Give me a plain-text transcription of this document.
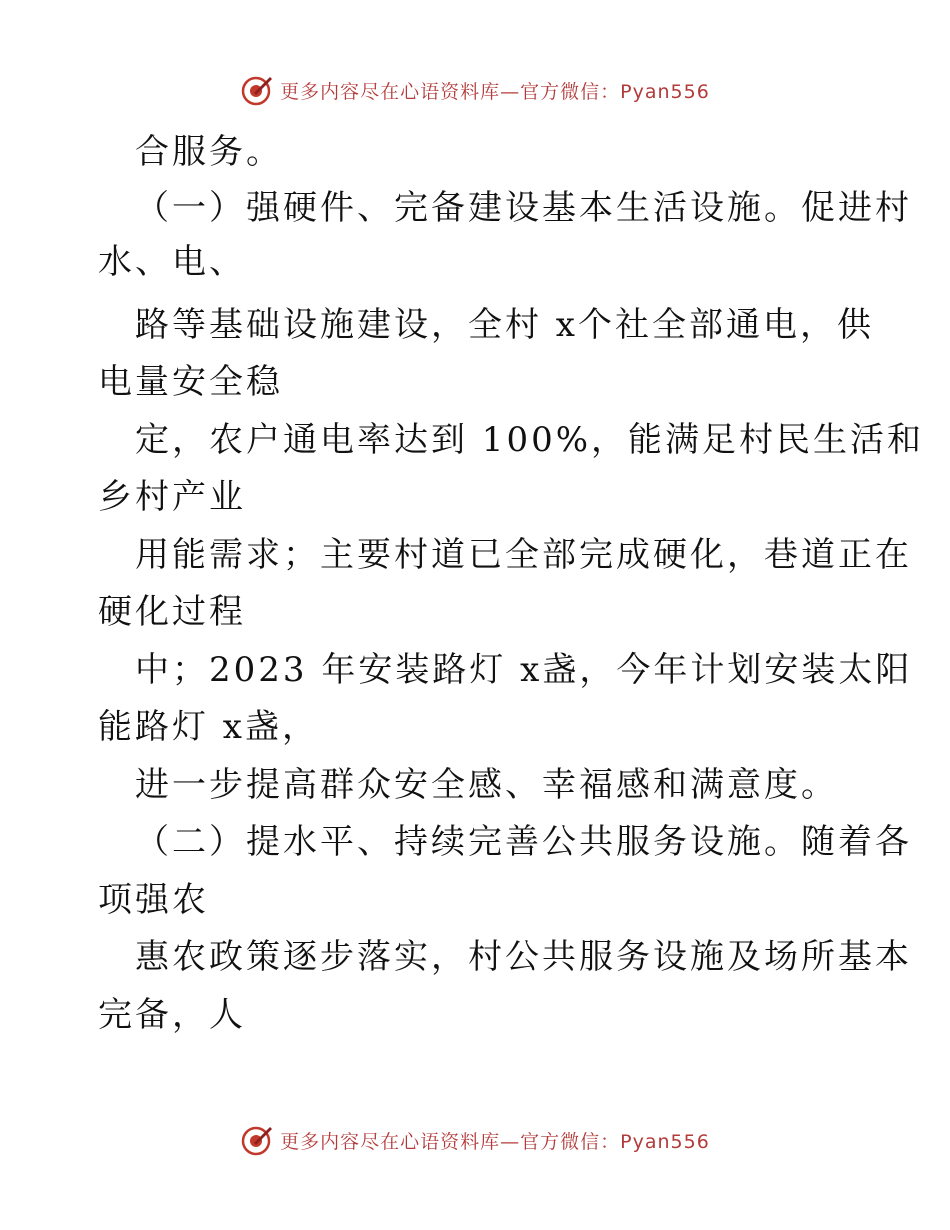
更多内容尽在心语资料库—官方微信：Pyan556
合服务。
（一）强硬件、完备建设基本生活设施。促进村
水、电、
路等基础设施建设，全村 x个社全部通电，供
电量安全稳
定，农户通电率达到 100%，能满足村民生活和
乡村产业
用能需求；主要村道已全部完成硬化，巷道正在
硬化过程
中；2023 年安装路灯 x盏，今年计划安装太阳
能路灯 x盏，
进一步提高群众安全感、幸福感和满意度。
（二）提水平、持续完善公共服务设施。随着各
项强农
惠农政策逐步落实，村公共服务设施及场所基本
完备，人
更多内容尽在心语资料库—官方微信：Pyan556
